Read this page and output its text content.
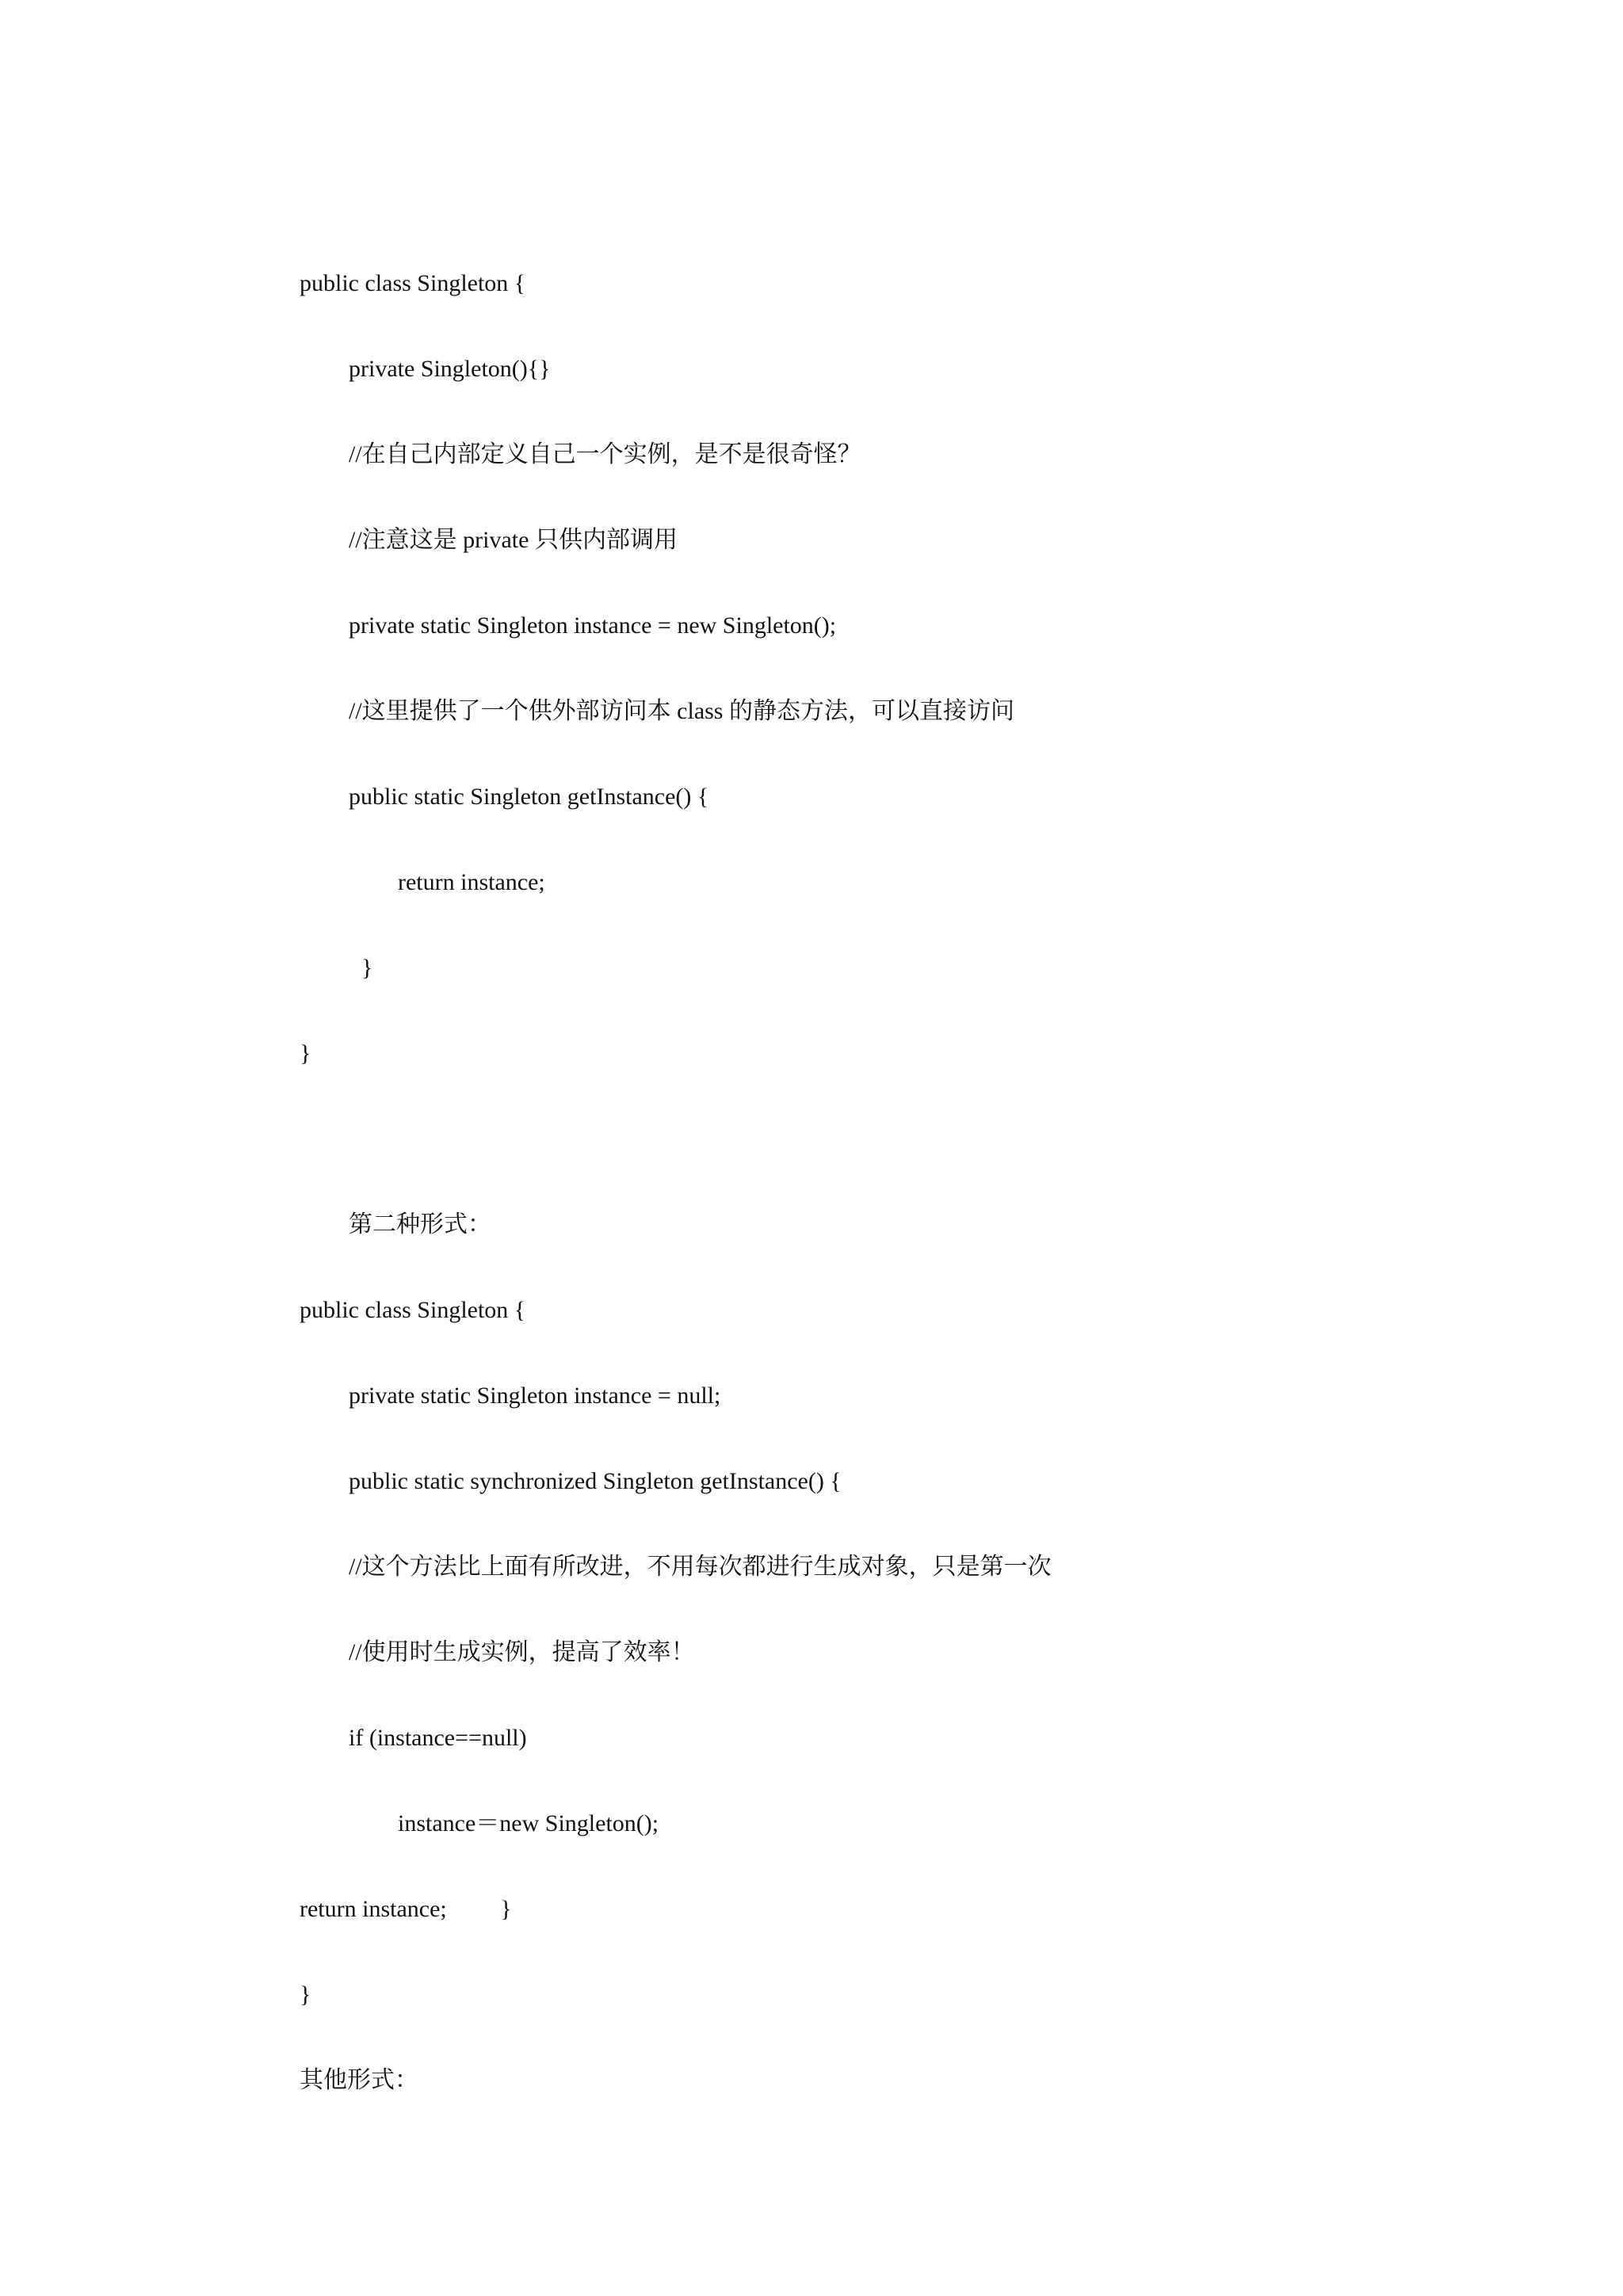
public class Singleton {
private Singleton(){}
//在自己内部定义自己一个实例，是不是很奇怪？
//注意这是 private 只供内部调用
private static Singleton instance = new Singleton();
//这里提供了一个供外部访问本 class 的静态方法，可以直接访问
public static Singleton getInstance() {
return instance;
}
}
第二种形式：
public class Singleton {
private static Singleton instance = null;
public static synchronized Singleton getInstance() {
//这个方法比上面有所改进，不用每次都进行生成对象，只是第一次
//使用时生成实例，提高了效率！
if (instance==null)
instance＝new Singleton();
return instance;         }
}
其他形式：
